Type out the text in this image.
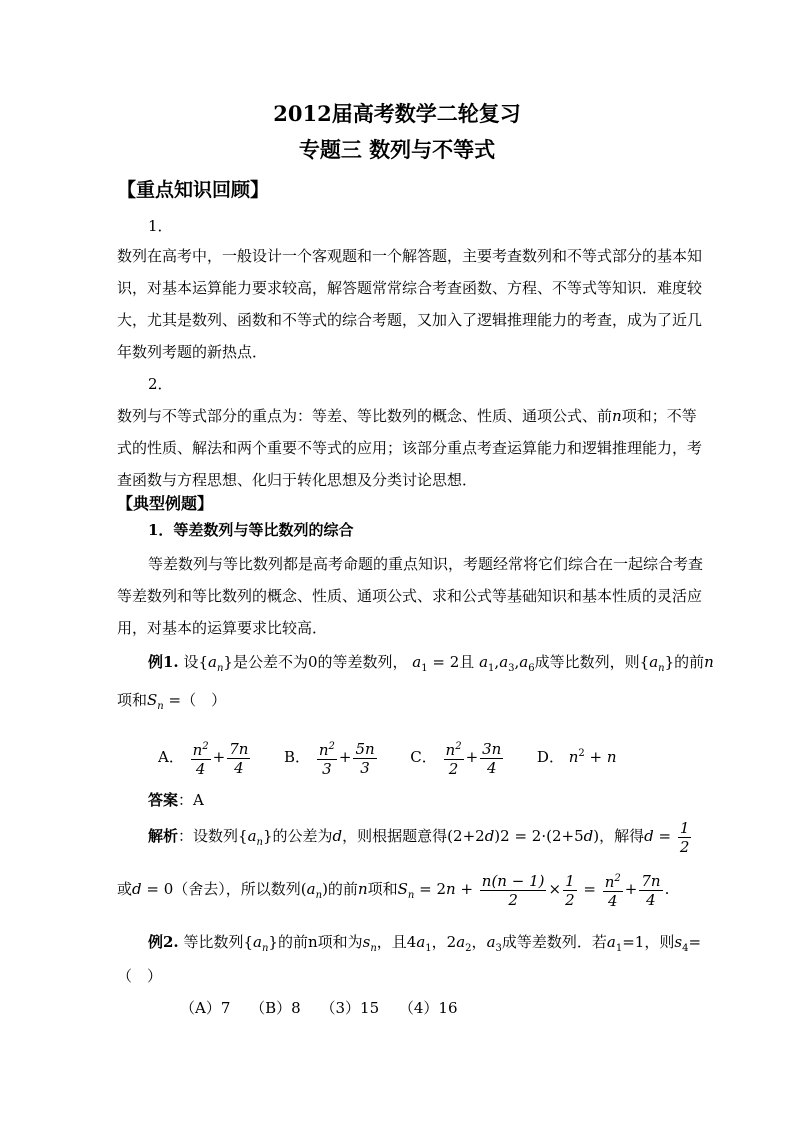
2012届高考数学二轮复习
专题三 数列与不等式
【重点知识回顾】
1．
数列在高考中，一般设计一个客观题和一个解答题，主要考查数列和不等式部分的基本知
识，对基本运算能力要求较高，解答题常常综合考查函数、方程、不等式等知识．难度较
大，尤其是数列、函数和不等式的综合考题，又加入了逻辑推理能力的考查，成为了近几
年数列考题的新热点．
2．
数列与不等式部分的重点为：等差、等比数列的概念、性质、通项公式、前n项和；不等
式的性质、解法和两个重要不等式的应用；该部分重点考查运算能力和逻辑推理能力，考
查函数与方程思想、化归于转化思想及分类讨论思想．
【典型例题】
1．等差数列与等比数列的综合
等差数列与等比数列都是高考命题的重点知识，考题经常将它们综合在一起综合考查
等差数列和等比数列的概念、性质、通项公式、求和公式等基础知识和基本性质的灵活应
用，对基本的运算要求比较高．
例1. 设$\{a_n\}$是公差不为0的等差数列， $a_1 = 2$且 $a_1,a_3,a_6$成等比数列，则$\{a_n\}$的前n
项和$S_n$ =（　）
A． $\frac{n^2}{4} + \frac{7n}{4}$ B． $\frac{n^2}{3} + \frac{5n}{3}$ C． $\frac{n^2}{2} + \frac{3n}{4}$ D． $n^2 + n$
答案：A
解析：设数列$\{a_n\}$的公差为d，则根据题意得(2+2d)2 = 2·(2+5d)，解得$d = \frac{1}{2}$
或d = 0（舍去），所以数列$(a_n)$的前n项和$S_n = 2n + \frac{n(n - 1)}{2} \times \frac{1}{2} = \frac{n^2}{4} + \frac{7n}{4}$ .
例2. 等比数列$\{a_n\}$的前n项和为$s_n$，且$4a_1$，$2a_2$，$a_3$成等差数列．若$a_1=1$，则$s_4=$
（　）
（A）7　 （B）8　 （3）15　 （4）16
